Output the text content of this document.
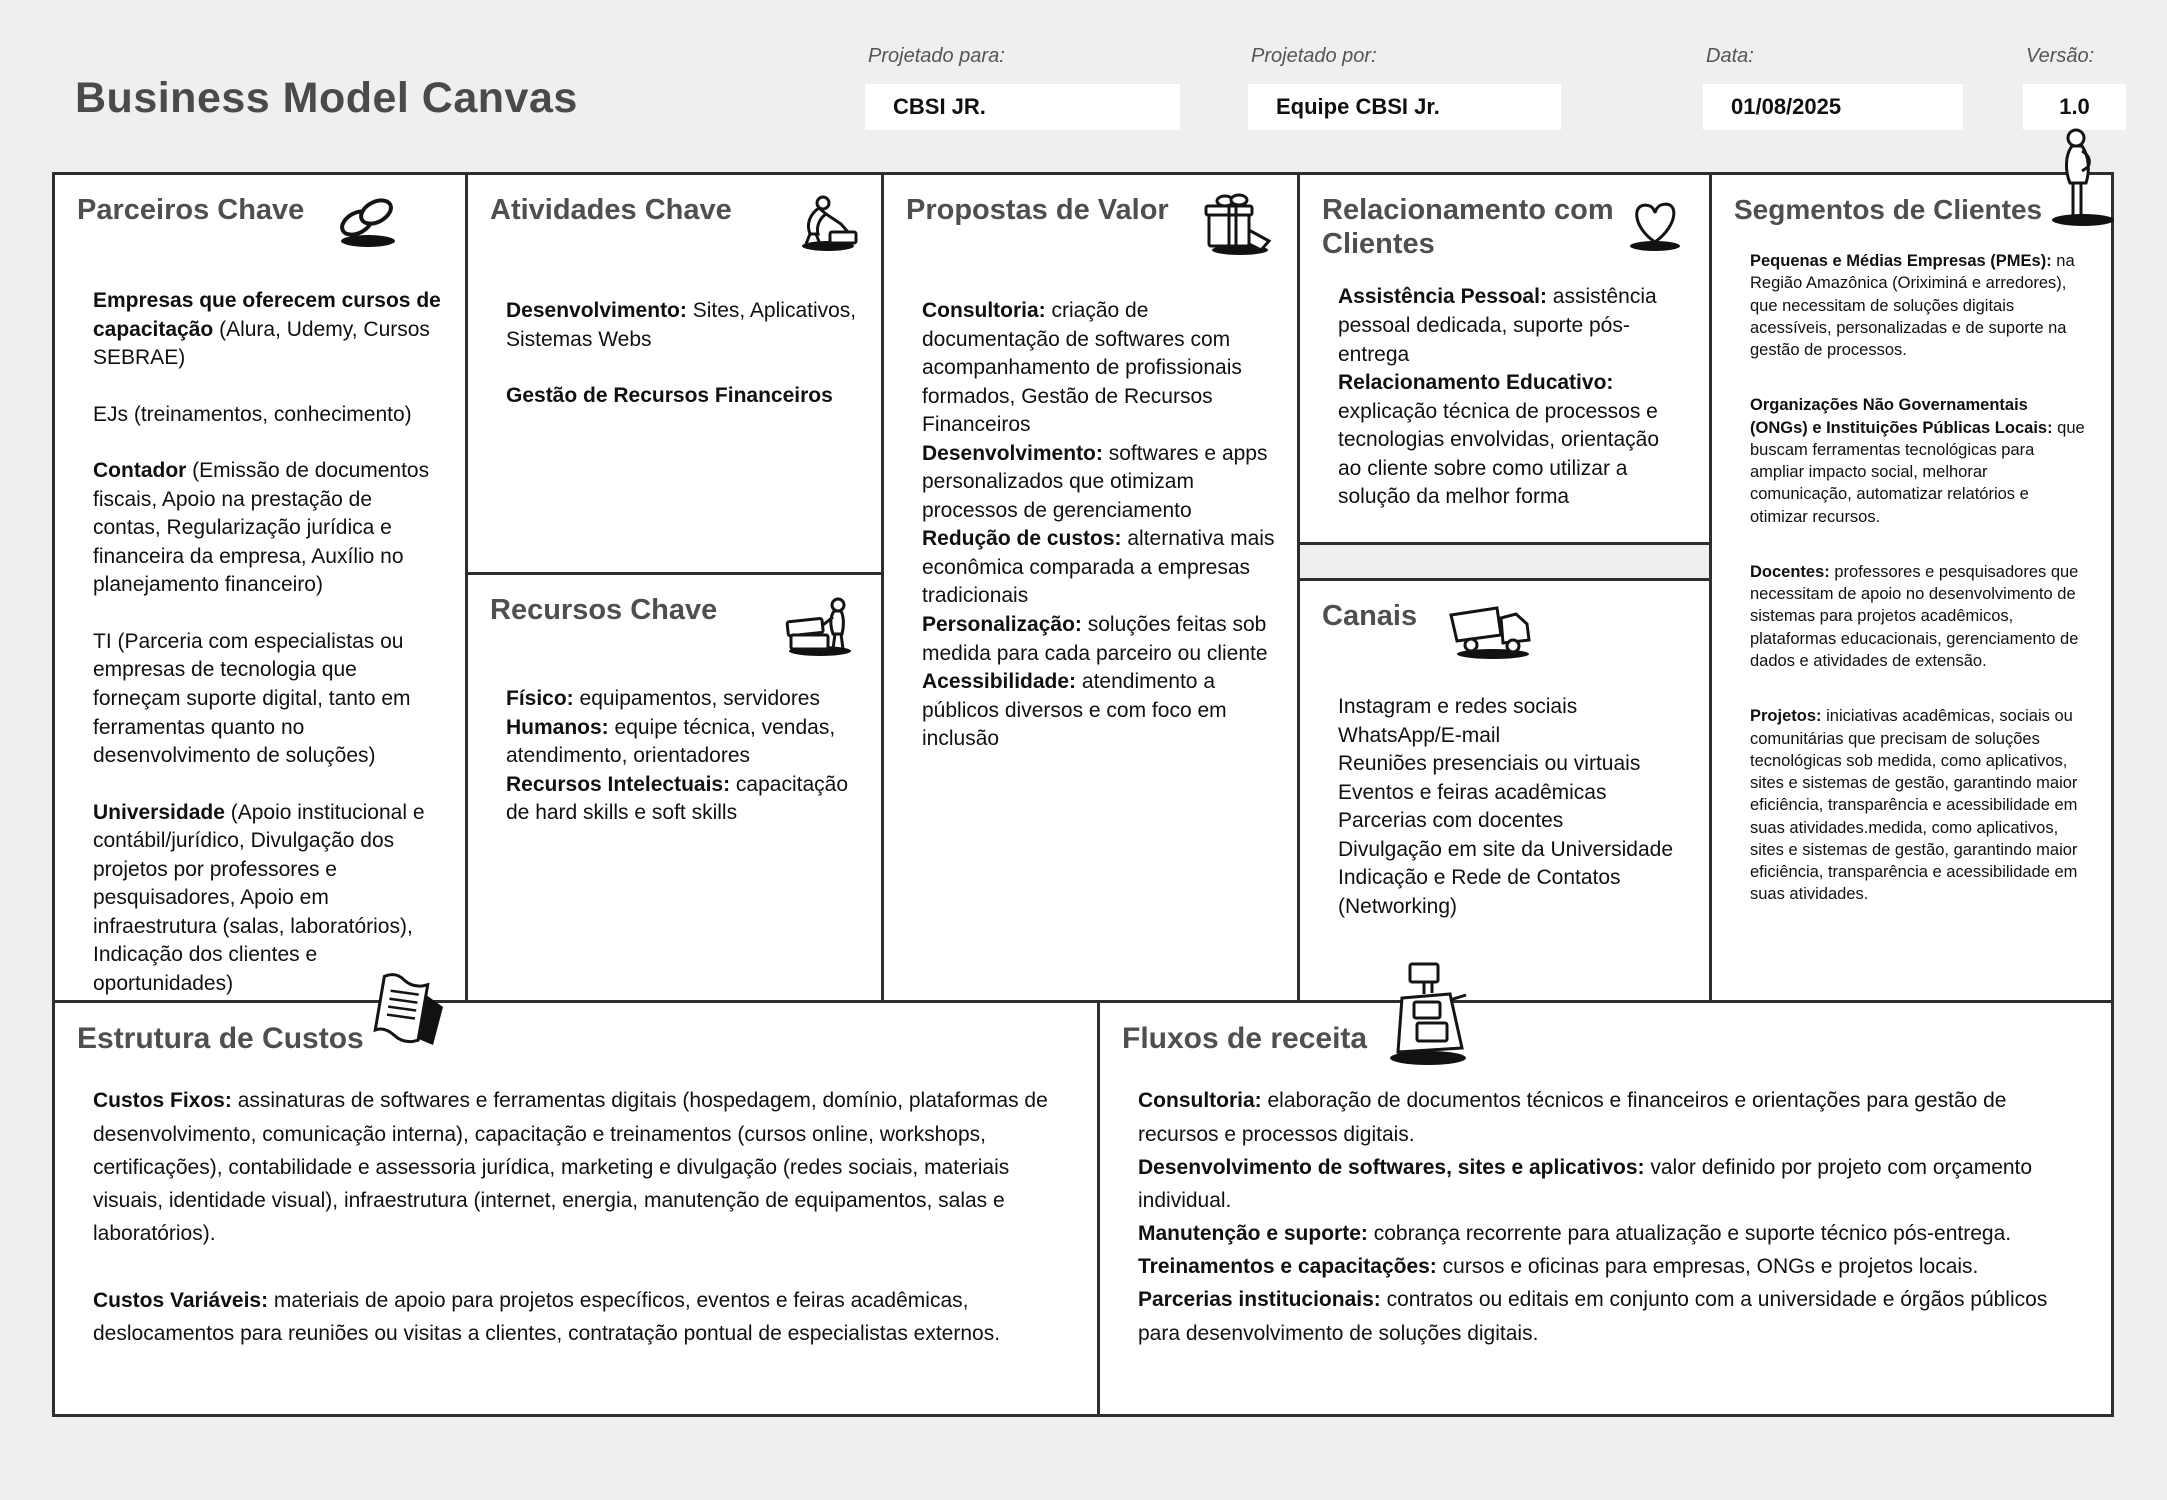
Business Model Canvas
Projetado para:
CBSI JR.
Projetado por:
Equipe CBSI Jr.
Data:
01/08/2025
Versão:
1.0
Parceiros Chave

Empresas que oferecem cursos de capacitação (Alura, Udemy, Cursos SEBRAE)

EJs (treinamentos, conhecimento)

Contador (Emissão de documentos fiscais, Apoio na prestação de contas, Regularização jurídica e financeira da empresa, Auxílio no planejamento financeiro)

TI (Parceria com especialistas ou empresas de tecnologia que forneçam suporte digital, tanto em ferramentas quanto no desenvolvimento de soluções)

Universidade (Apoio institucional e contábil/jurídico, Divulgação dos projetos por professores e pesquisadores, Apoio em infraestrutura (salas, laboratórios), Indicação dos clientes e oportunidades)

Atividades Chave

Desenvolvimento: Sites, Aplicativos, Sistemas Webs

Gestão de Recursos Financeiros

Recursos Chave

Físico: equipamentos, servidores

Humanos: equipe técnica, vendas, atendimento, orientadores

Recursos Intelectuais: capacitação de hard skills e soft skills

Propostas de Valor

Consultoria: criação de documentação de softwares com acompanhamento de profissionais formados, Gestão de Recursos Financeiros

Desenvolvimento: softwares e apps personalizados que otimizam processos de gerenciamento

Redução de custos: alternativa mais econômica comparada a empresas tradicionais

Personalização: soluções feitas sob medida para cada parceiro ou cliente

Acessibilidade: atendimento a públicos diversos e com foco em inclusão

Relacionamento com Clientes

Assistência Pessoal: assistência pessoal dedicada, suporte pós-entrega

Relacionamento Educativo: explicação técnica de processos e tecnologias envolvidas, orientação ao cliente sobre como utilizar a solução da melhor forma

Canais

Instagram e redes sociais

WhatsApp/E-mail

Reuniões presenciais ou virtuais

Eventos e feiras acadêmicas

Parcerias com docentes

Divulgação em site da Universidade

Indicação e Rede de Contatos (Networking)

Segmentos de Clientes

Pequenas e Médias Empresas (PMEs): na Região Amazônica (Oriximiná e arredores), que necessitam de soluções digitais acessíveis, personalizadas e de suporte na gestão de processos.

Organizações Não Governamentais (ONGs) e Instituições Públicas Locais: que buscam ferramentas tecnológicas para ampliar impacto social, melhorar comunicação, automatizar relatórios e otimizar recursos.

Docentes: professores e pesquisadores que necessitam de apoio no desenvolvimento de sistemas para projetos acadêmicos, plataformas educacionais, gerenciamento de dados e atividades de extensão.

Projetos: iniciativas acadêmicas, sociais ou comunitárias que precisam de soluções tecnológicas sob medida, como aplicativos, sites e sistemas de gestão, garantindo maior eficiência, transparência e acessibilidade em suas atividades.medida, como aplicativos, sites e sistemas de gestão, garantindo maior eficiência, transparência e acessibilidade em suas atividades.

Estrutura de Custos

Custos Fixos: assinaturas de softwares e ferramentas digitais (hospedagem, domínio, plataformas de desenvolvimento, comunicação interna), capacitação e treinamentos (cursos online, workshops, certificações), contabilidade e assessoria jurídica, marketing e divulgação (redes sociais, materiais visuais, identidade visual), infraestrutura (internet, energia, manutenção de equipamentos, salas e laboratórios).

Custos Variáveis: materiais de apoio para projetos específicos, eventos e feiras acadêmicas, deslocamentos para reuniões ou visitas a clientes, contratação pontual de especialistas externos.

Fluxos de receita

Consultoria: elaboração de documentos técnicos e financeiros e orientações para gestão de recursos e processos digitais.

Desenvolvimento de softwares, sites e aplicativos: valor definido por projeto com orçamento individual.

Manutenção e suporte: cobrança recorrente para atualização e suporte técnico pós-entrega.

Treinamentos e capacitações: cursos e oficinas para empresas, ONGs e projetos locais.

Parcerias institucionais: contratos ou editais em conjunto com a universidade e órgãos públicos para desenvolvimento de soluções digitais.
